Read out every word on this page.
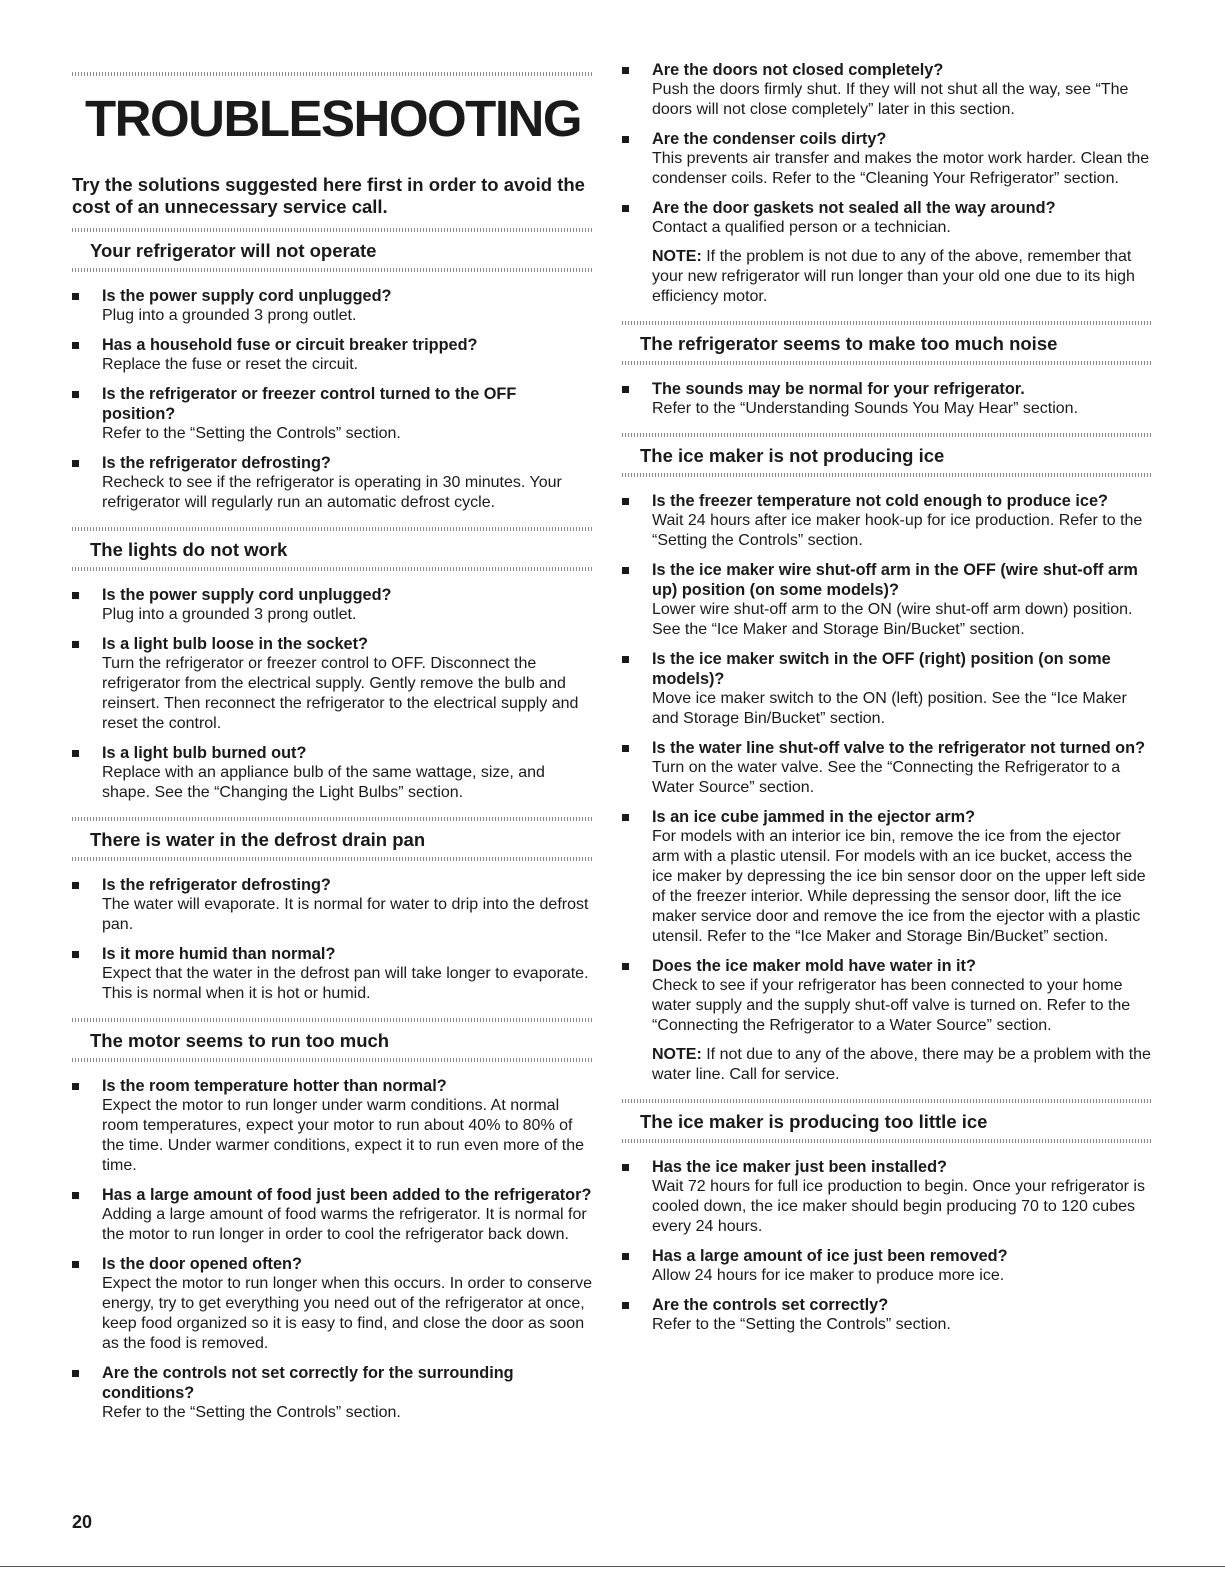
TROUBLESHOOTING
Try the solutions suggested here first in order to avoid the cost of an unnecessary service call.
Your refrigerator will not operate
Is the power supply cord unplugged?
Plug into a grounded 3 prong outlet.
Has a household fuse or circuit breaker tripped?
Replace the fuse or reset the circuit.
Is the refrigerator or freezer control turned to the OFF position?
Refer to the “Setting the Controls” section.
Is the refrigerator defrosting?
Recheck to see if the refrigerator is operating in 30 minutes. Your refrigerator will regularly run an automatic defrost cycle.
The lights do not work
Is the power supply cord unplugged?
Plug into a grounded 3 prong outlet.
Is a light bulb loose in the socket?
Turn the refrigerator or freezer control to OFF. Disconnect the refrigerator from the electrical supply. Gently remove the bulb and reinsert. Then reconnect the refrigerator to the electrical supply and reset the control.
Is a light bulb burned out?
Replace with an appliance bulb of the same wattage, size, and shape. See the “Changing the Light Bulbs” section.
There is water in the defrost drain pan
Is the refrigerator defrosting?
The water will evaporate. It is normal for water to drip into the defrost pan.
Is it more humid than normal?
Expect that the water in the defrost pan will take longer to evaporate. This is normal when it is hot or humid.
The motor seems to run too much
Is the room temperature hotter than normal?
Expect the motor to run longer under warm conditions. At normal room temperatures, expect your motor to run about 40% to 80% of the time. Under warmer conditions, expect it to run even more of the time.
Has a large amount of food just been added to the refrigerator?
Adding a large amount of food warms the refrigerator. It is normal for the motor to run longer in order to cool the refrigerator back down.
Is the door opened often?
Expect the motor to run longer when this occurs. In order to conserve energy, try to get everything you need out of the refrigerator at once, keep food organized so it is easy to find, and close the door as soon as the food is removed.
Are the controls not set correctly for the surrounding conditions?
Refer to the “Setting the Controls” section.
Are the doors not closed completely?
Push the doors firmly shut. If they will not shut all the way, see “The doors will not close completely” later in this section.
Are the condenser coils dirty?
This prevents air transfer and makes the motor work harder. Clean the condenser coils. Refer to the “Cleaning Your Refrigerator” section.
Are the door gaskets not sealed all the way around?
Contact a qualified person or a technician.
NOTE: If the problem is not due to any of the above, remember that your new refrigerator will run longer than your old one due to its high efficiency motor.
The refrigerator seems to make too much noise
The sounds may be normal for your refrigerator.
Refer to the “Understanding Sounds You May Hear” section.
The ice maker is not producing ice
Is the freezer temperature not cold enough to produce ice?
Wait 24 hours after ice maker hook-up for ice production. Refer to the “Setting the Controls” section.
Is the ice maker wire shut-off arm in the OFF (wire shut-off arm up) position (on some models)?
Lower wire shut-off arm to the ON (wire shut-off arm down) position. See the “Ice Maker and Storage Bin/Bucket” section.
Is the ice maker switch in the OFF (right) position (on some models)?
Move ice maker switch to the ON (left) position. See the “Ice Maker and Storage Bin/Bucket” section.
Is the water line shut-off valve to the refrigerator not turned on?
Turn on the water valve. See the “Connecting the Refrigerator to a Water Source” section.
Is an ice cube jammed in the ejector arm?
For models with an interior ice bin, remove the ice from the ejector arm with a plastic utensil. For models with an ice bucket, access the ice maker by depressing the ice bin sensor door on the upper left side of the freezer interior. While depressing the sensor door, lift the ice maker service door and remove the ice from the ejector with a plastic utensil. Refer to the “Ice Maker and Storage Bin/Bucket” section.
Does the ice maker mold have water in it?
Check to see if your refrigerator has been connected to your home water supply and the supply shut-off valve is turned on. Refer to the “Connecting the Refrigerator to a Water Source” section.
NOTE: If not due to any of the above, there may be a problem with the water line. Call for service.
The ice maker is producing too little ice
Has the ice maker just been installed?
Wait 72 hours for full ice production to begin. Once your refrigerator is cooled down, the ice maker should begin producing 70 to 120 cubes every 24 hours.
Has a large amount of ice just been removed?
Allow 24 hours for ice maker to produce more ice.
Are the controls set correctly?
Refer to the “Setting the Controls” section.
20
